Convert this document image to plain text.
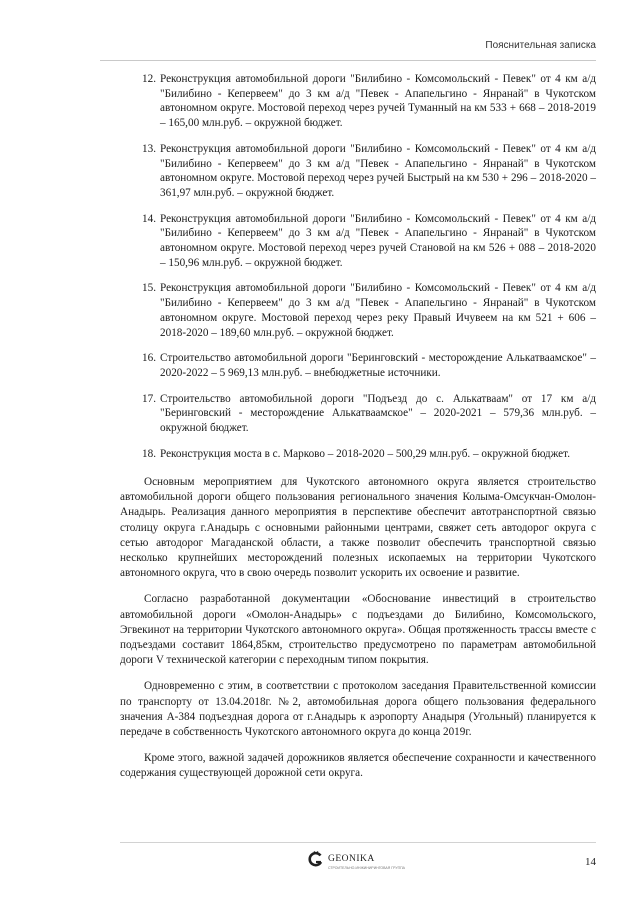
Пояснительная записка
12. Реконструкция автомобильной дороги "Билибино - Комсомольский - Певек" от 4 км а/д "Билибино - Кепервеем" до 3 км а/д "Певек - Апапельгино - Янранай" в Чукотском автономном округе. Мостовой переход через ручей Туманный на км 533 + 668 – 2018-2019 – 165,00 млн.руб. – окружной бюджет.

13. Реконструкция автомобильной дороги "Билибино - Комсомольский - Певек" от 4 км а/д "Билибино - Кепервеем" до 3 км а/д "Певек - Апапельгино - Янранай" в Чукотском автономном округе. Мостовой переход через ручей Быстрый на км 530 + 296 – 2018-2020 – 361,97 млн.руб. – окружной бюджет.

14. Реконструкция автомобильной дороги "Билибино - Комсомольский - Певек" от 4 км а/д "Билибино - Кепервеем" до 3 км а/д "Певек - Апапельгино - Янранай" в Чукотском автономном округе. Мостовой переход через ручей Становой на км 526 + 088 – 2018-2020 – 150,96 млн.руб. – окружной бюджет.

15. Реконструкция автомобильной дороги "Билибино - Комсомольский - Певек" от 4 км а/д "Билибино - Кепервеем" до 3 км а/д "Певек - Апапельгино - Янранай" в Чукотском автономном округе. Мостовой переход через реку Правый Ичувеем на км 521 + 606 – 2018-2020 – 189,60 млн.руб. – окружной бюджет.

16. Строительство автомобильной дороги "Беринговский - месторождение Алькатваамское" – 2020-2022 – 5 969,13 млн.руб. – внебюджетные источники.

17. Строительство автомобильной дороги "Подъезд до с. Алькатваам" от 17 км а/д "Беринговский - месторождение Алькатваамское" – 2020-2021 – 579,36 млн.руб. – окружной бюджет.

18. Реконструкция моста в с. Марково – 2018-2020 – 500,29 млн.руб. – окружной бюджет.

Основным мероприятием для Чукотского автономного округа является строительство автомобильной дороги общего пользования регионального значения Колыма-Омсукчан-Омолон-Анадырь. Реализация данного мероприятия в перспективе обеспечит автотранспортной связью столицу округа г.Анадырь с основными районными центрами, свяжет сеть автодорог округа с сетью автодорог Магаданской области, а также позволит обеспечить транспортной связью несколько крупнейших месторождений полезных ископаемых на территории Чукотского автономного округа, что в свою очередь позволит ускорить их освоение и развитие.

Согласно разработанной документации «Обоснование инвестиций в строительство автомобильной дороги «Омолон-Анадырь» с подъездами до Билибино, Комсомольского, Эгвекинот на территории Чукотского автономного округа». Общая протяженность трассы вместе с подъездами составит 1864,85км, строительство предусмотрено по параметрам автомобильной дороги V технической категории с переходным типом покрытия.

Одновременно с этим, в соответствии с протоколом заседания Правительственной комиссии по транспорту от 13.04.2018г. №2, автомобильная дорога общего пользования федерального значения А-384 подъездная дорога от г.Анадырь к аэропорту Анадыря (Угольный) планируется к передаче в собственность Чукотского автономного округа до конца 2019г.

Кроме этого, важной задачей дорожников является обеспечение сохранности и качественного содержания существующей дорожной сети округа.

GEONIKA
СТРОИТЕЛЬНО-ИНЖИНИРИНГОВАЯ ГРУППА	14
